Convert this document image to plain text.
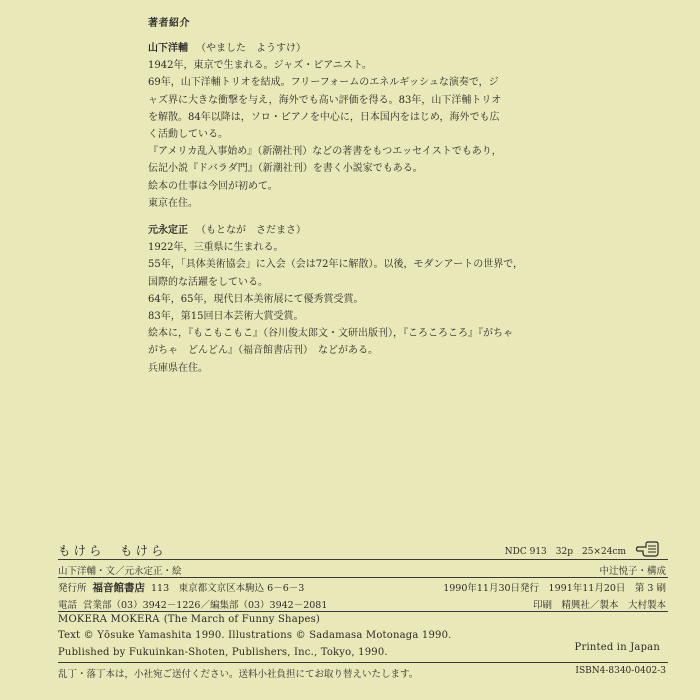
著者紹介
山下洋輔 （やました　ようすけ）
1942年，東京で生まれる。ジャズ・ピアニスト。
69年，山下洋輔トリオを結成。フリーフォームのエネルギッシュな演奏で，ジ
ャズ界に大きな衝撃を与え，海外でも高い評価を得る。83年，山下洋輔トリオ
を解散。84年以降は，ソロ・ピアノを中心に，日本国内をはじめ，海外でも広
く活動している。
『アメリカ乱入事始め』（新潮社刊）などの著書をもつエッセイストでもあり，
伝記小説『ドバラダ門』（新潮社刊）を書く小説家でもある。
絵本の仕事は今回が初めて。
東京在住。
元永定正 （もとなが　さだまさ）
1922年，三重県に生まれる。
55年，「具体美術協会」に入会（会は72年に解散）。以後，モダンアートの世界で，
国際的な活躍をしている。
64年，65年，現代日本美術展にて優秀賞受賞。
83年，第15回日本芸術大賞受賞。
絵本に，『もこもこもこ』（谷川俊太郎文・文研出版刊），『ころころころ』『がちゃ
がちゃ　どんどん』（福音館書店刊）　などがある。
兵庫県在住。
もけら　もけら	NDC 913　32p　25×24cm
山下洋輔・文／元永定正・絵	中辻悦子・構成
発行所 福音館書店 113　東京都文京区本駒込 6－6－3	1990年11月30日発行　1991年11月20日　第 3 刷
電話 営業部（03）3942－1226／編集部（03）3942－2081	印刷　精興社／製本　大村製本
MOKERA MOKERA (The March of Funny Shapes)
Text © Yōsuke Yamashita 1990. Illustrations © Sadamasa Motonaga 1990.
Published by Fukuinkan-Shoten, Publishers, Inc., Tokyo, 1990.	Printed in Japan
乱丁・落丁本は，小社宛ご送付ください。送料小社負担にてお取り替えいたします。	ISBN4-8340-0402-3
